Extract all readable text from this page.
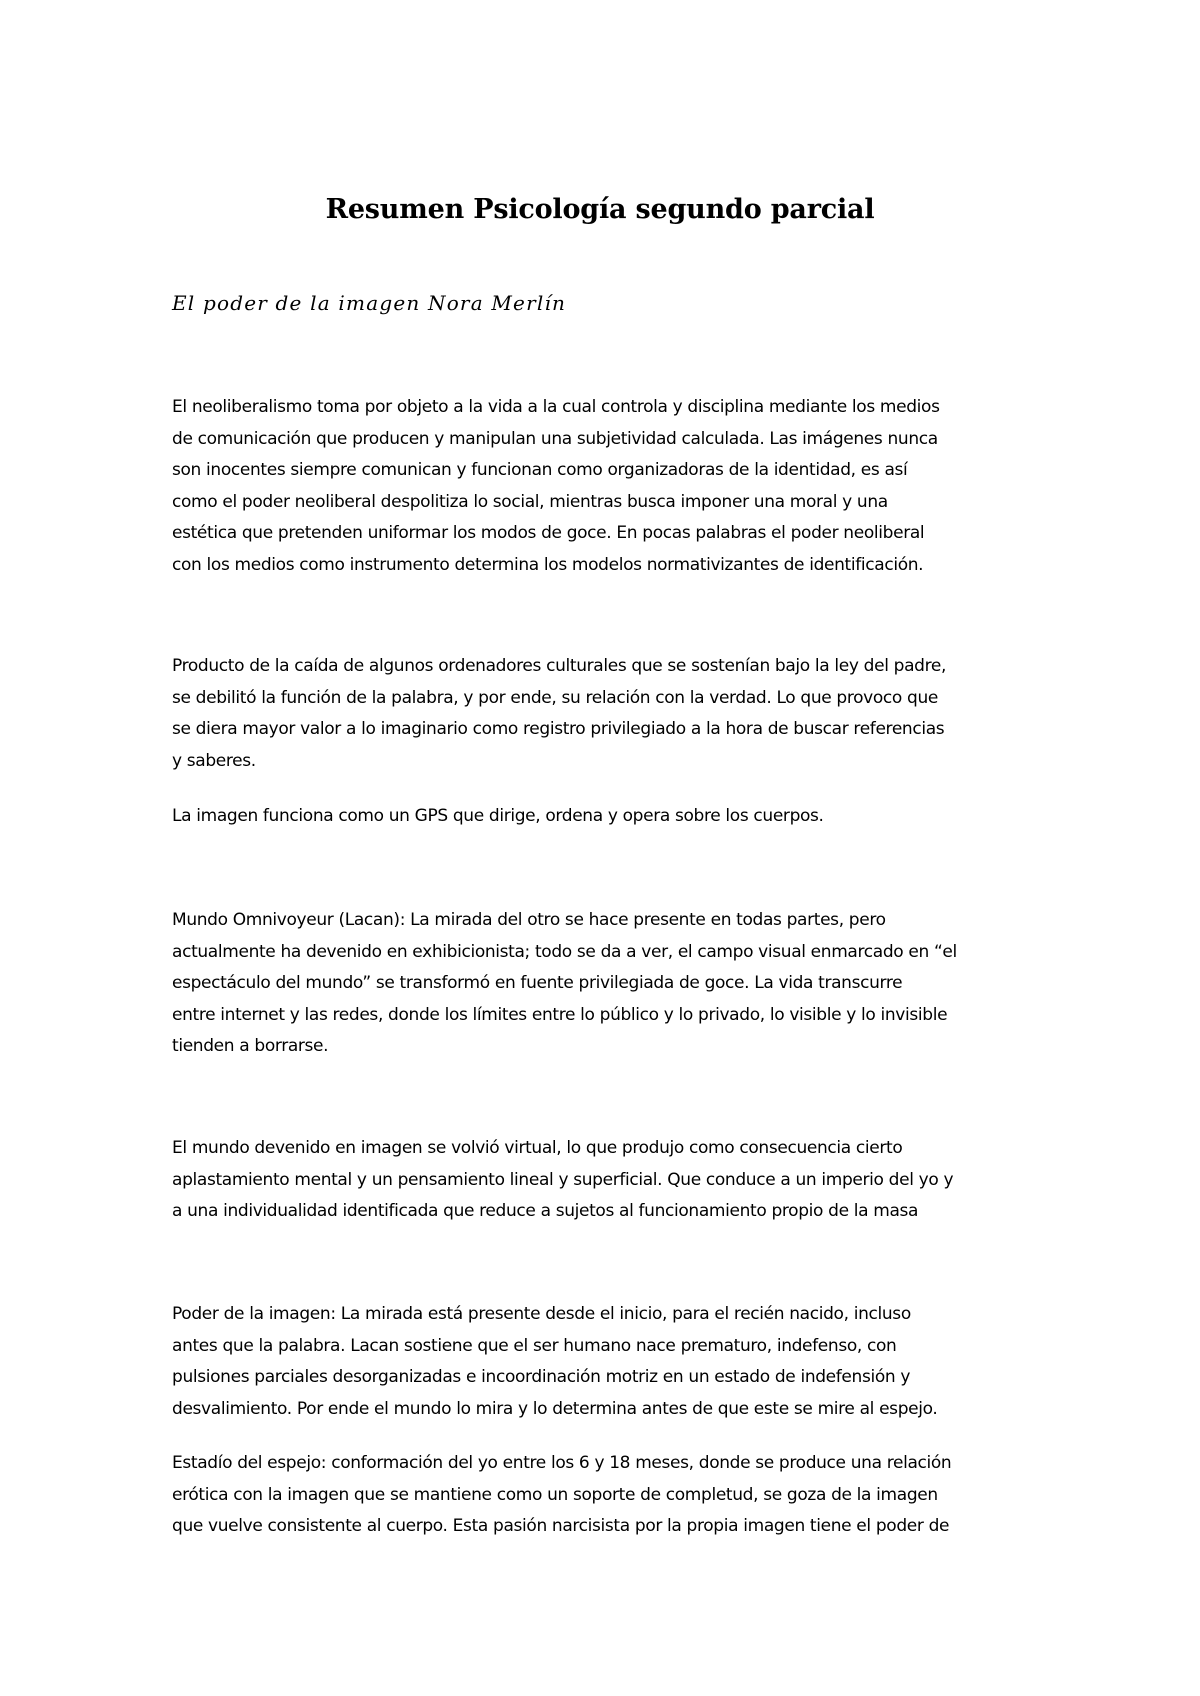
Resumen Psicología segundo parcial
El poder de la imagen Nora Merlín

El neoliberalismo toma por objeto a la vida a la cual controla y disciplina mediante los medios
de comunicación que producen y manipulan una subjetividad calculada. Las imágenes nunca
son inocentes siempre comunican y funcionan como organizadoras de la identidad, es así
como el poder neoliberal despolitiza lo social, mientras busca imponer una moral y una
estética que pretenden uniformar los modos de goce. En pocas palabras el poder neoliberal
con los medios como instrumento determina los modelos normativizantes de identificación.

Producto de la caída de algunos ordenadores culturales que se sostenían bajo la ley del padre,
se debilitó la función de la palabra, y por ende, su relación con la verdad. Lo que provoco que
se diera mayor valor a lo imaginario como registro privilegiado a la hora de buscar referencias
y saberes.

La imagen funciona como un GPS que dirige, ordena y opera sobre los cuerpos.

Mundo Omnivoyeur (Lacan): La mirada del otro se hace presente en todas partes, pero
actualmente ha devenido en exhibicionista; todo se da a ver, el campo visual enmarcado en “el
espectáculo del mundo” se transformó en fuente privilegiada de goce. La vida transcurre
entre internet y las redes, donde los límites entre lo público y lo privado, lo visible y lo invisible
tienden a borrarse.

El mundo devenido en imagen se volvió virtual, lo que produjo como consecuencia cierto
aplastamiento mental y un pensamiento lineal y superficial. Que conduce a un imperio del yo y
a una individualidad identificada que reduce a sujetos al funcionamiento propio de la masa

Poder de la imagen: La mirada está presente desde el inicio, para el recién nacido, incluso
antes que la palabra. Lacan sostiene que el ser humano nace prematuro, indefenso, con
pulsiones parciales desorganizadas e incoordinación motriz en un estado de indefensión y
desvalimiento. Por ende el mundo lo mira y lo determina antes de que este se mire al espejo.

Estadío del espejo: conformación del yo entre los 6 y 18 meses, donde se produce una relación
erótica con la imagen que se mantiene como un soporte de completud, se goza de la imagen
que vuelve consistente al cuerpo. Esta pasión narcisista por la propia imagen tiene el poder de
